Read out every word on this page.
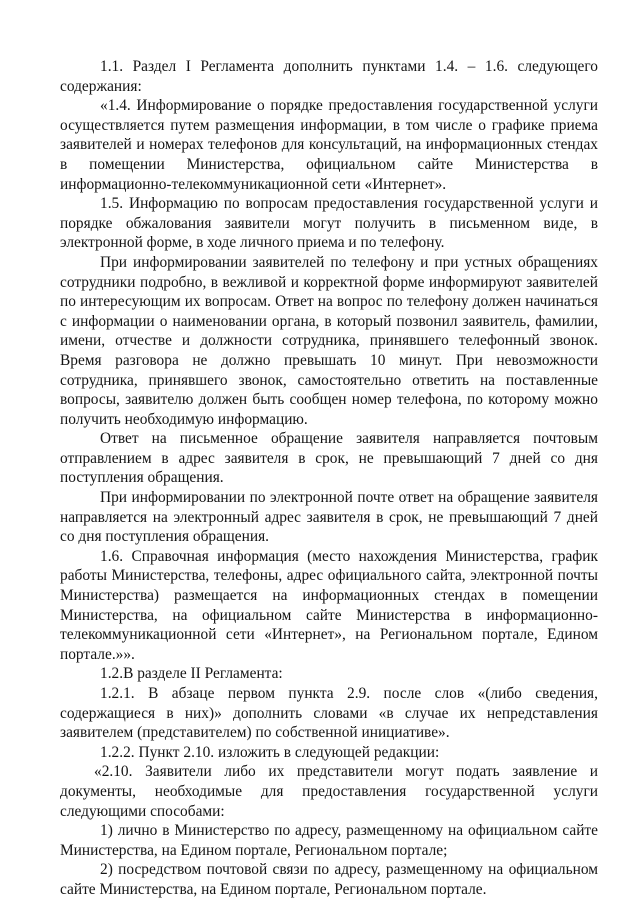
1.1. Раздел I Регламента дополнить пунктами 1.4. – 1.6. следующего содержания:

«1.4. Информирование о порядке предоставления государственной услуги осуществляется путем размещения информации, в том числе о графике приема заявителей и номерах телефонов для консультаций, на информационных стендах в помещении Министерства, официальном сайте Министерства в информационно-телекоммуникационной сети «Интернет».

1.5. Информацию по вопросам предоставления государственной услуги и порядке обжалования заявители могут получить в письменном виде, в электронной форме, в ходе личного приема и по телефону.

При информировании заявителей по телефону и при устных обращениях сотрудники подробно, в вежливой и корректной форме информируют заявителей по интересующим их вопросам. Ответ на вопрос по телефону должен начинаться с информации о наименовании органа, в который позвонил заявитель, фамилии, имени, отчестве и должности сотрудника, принявшего телефонный звонок. Время разговора не должно превышать 10 минут. При невозможности сотрудника, принявшего звонок, самостоятельно ответить на поставленные вопросы, заявителю должен быть сообщен номер телефона, по которому можно получить необходимую информацию.

Ответ на письменное обращение заявителя направляется почтовым отправлением в адрес заявителя в срок, не превышающий 7 дней со дня поступления обращения.

При информировании по электронной почте ответ на обращение заявителя направляется на электронный адрес заявителя в срок, не превышающий 7 дней со дня поступления обращения.

1.6. Справочная информация (место нахождения Министерства, график работы Министерства, телефоны, адрес официального сайта, электронной почты Министерства) размещается на информационных стендах в помещении Министерства, на официальном сайте Министерства в информационно-телекоммуникационной сети «Интернет», на Региональном портале, Едином портале.»».

1.2.В разделе II Регламента:

1.2.1. В абзаце первом пункта 2.9. после слов «(либо сведения, содержащиеся в них)» дополнить словами «в случае их непредставления заявителем (представителем) по собственной инициативе».

1.2.2. Пункт 2.10. изложить в следующей редакции:

«2.10. Заявители либо их представители могут подать заявление и документы, необходимые для предоставления государственной услуги следующими способами:

1) лично в Министерство по адресу, размещенному на официальном сайте Министерства, на Едином портале, Региональном портале;

2) посредством почтовой связи по адресу, размещенному на официальном сайте Министерства, на Едином портале, Региональном портале.
